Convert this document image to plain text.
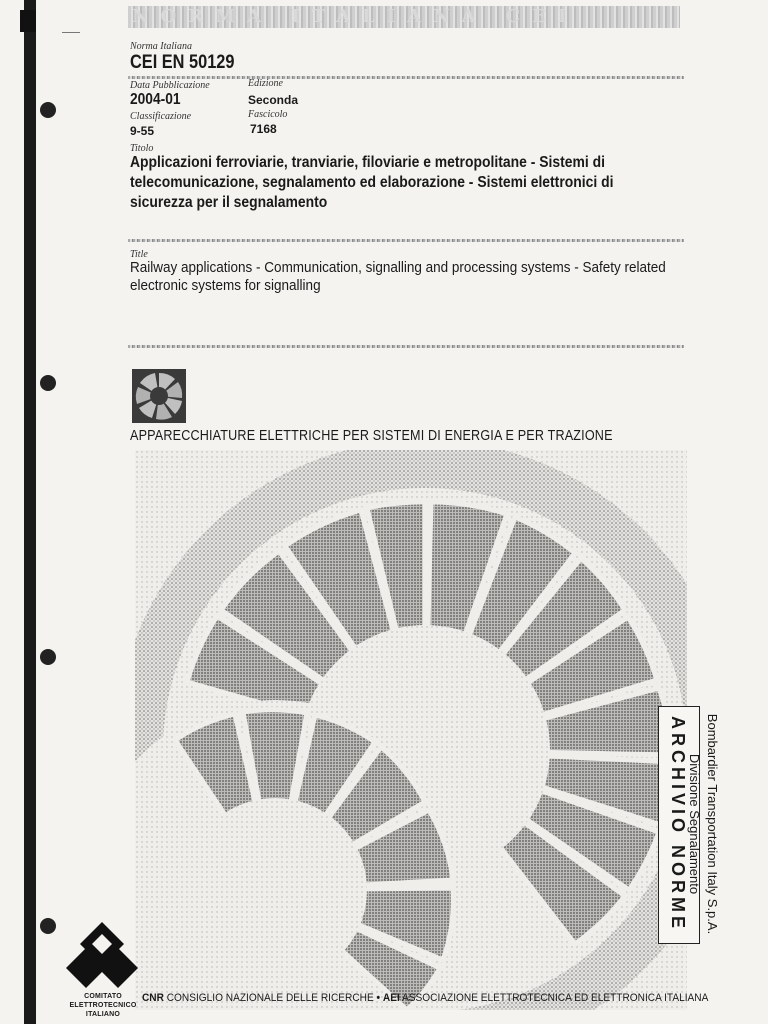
NORMA ITALIANA CEI
Norma Italiana
CEI EN 50129
Data Pubblicazione	Edizione
2004-01	Seconda
Classificazione	Fascicolo
9-55	7168
Titolo
Applicazioni ferroviarie, tranviarie, filoviarie e metropolitane - Sistemi di telecomunicazione, segnalamento ed elaborazione - Sistemi elettronici di sicurezza per il segnalamento
Title
Railway applications - Communication, signalling and processing systems - Safety related electronic systems for signalling
APPARECCHIATURE ELETTRICHE PER SISTEMI DI ENERGIA E PER TRAZIONE
ARCHIVIO NORME	Bombardier Transportation Italy S.p.A.
Divisione Segnalamento
COMITATO ELETTROTECNICO ITALIANO
CNR CONSIGLIO NAZIONALE DELLE RICERCHE • AEI ASSOCIAZIONE ELETTROTECNICA ED ELETTRONICA ITALIANA
